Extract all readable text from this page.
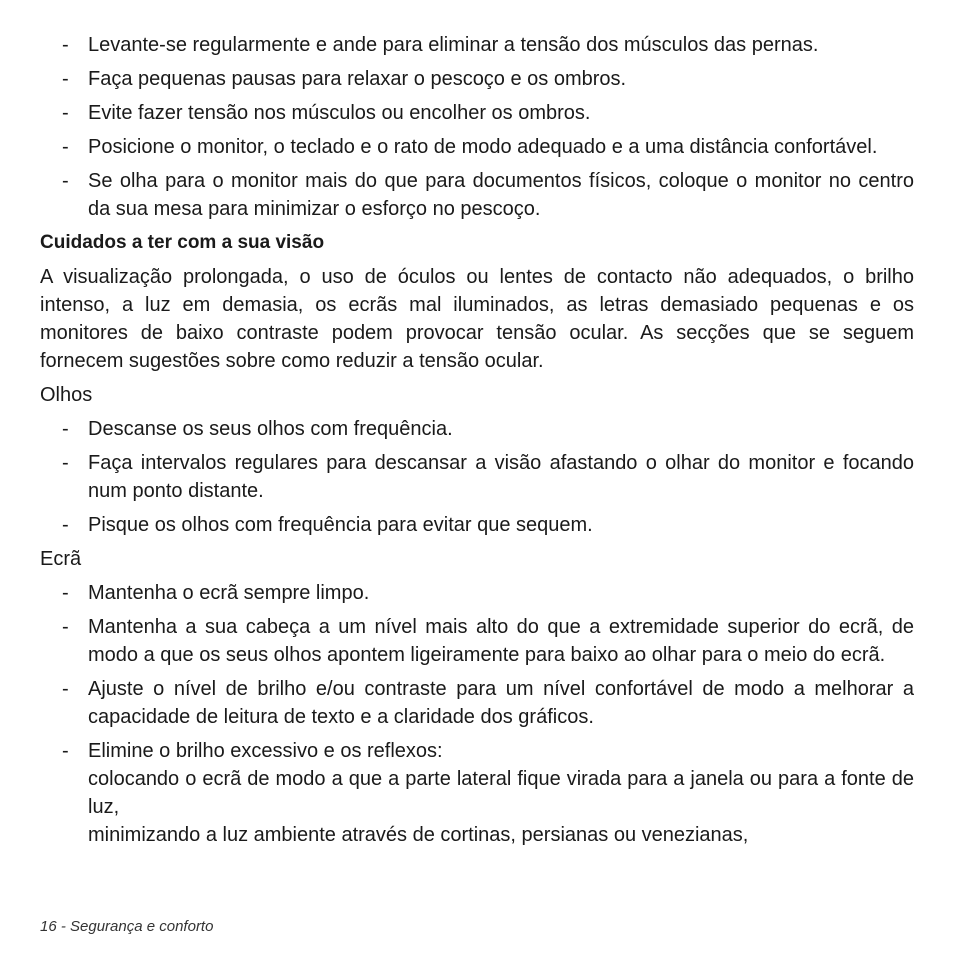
- Levante-se regularmente e ande para eliminar a tensão dos músculos das pernas.
- Faça pequenas pausas para relaxar o pescoço e os ombros.
- Evite fazer tensão nos músculos ou encolher os ombros.
- Posicione o monitor, o teclado e o rato de modo adequado e a uma distância confortável.
- Se olha para o monitor mais do que para documentos físicos, coloque o monitor no centro da sua mesa para minimizar o esforço no pescoço.
Cuidados a ter com a sua visão

A visualização prolongada, o uso de óculos ou lentes de contacto não adequados, o brilho intenso, a luz em demasia, os ecrãs mal iluminados, as letras demasiado pequenas e os monitores de baixo contraste podem provocar tensão ocular. As secções que se seguem fornecem sugestões sobre como reduzir a tensão ocular.

Olhos
- Descanse os seus olhos com frequência.
- Faça intervalos regulares para descansar a visão afastando o olhar do monitor e focando num ponto distante.
- Pisque os olhos com frequência para evitar que sequem.
Ecrã
- Mantenha o ecrã sempre limpo.
- Mantenha a sua cabeça a um nível mais alto do que a extremidade superior do ecrã, de modo a que os seus olhos apontem ligeiramente para baixo ao olhar para o meio do ecrã.
- Ajuste o nível de brilho e/ou contraste para um nível confortável de modo a melhorar a capacidade de leitura de texto e a claridade dos gráficos.
- Elimine o brilho excessivo e os reflexos:
colocando o ecrã de modo a que a parte lateral fique virada para a janela ou para a fonte de luz,
minimizando a luz ambiente através de cortinas, persianas ou venezianas,
16 - Segurança e conforto
